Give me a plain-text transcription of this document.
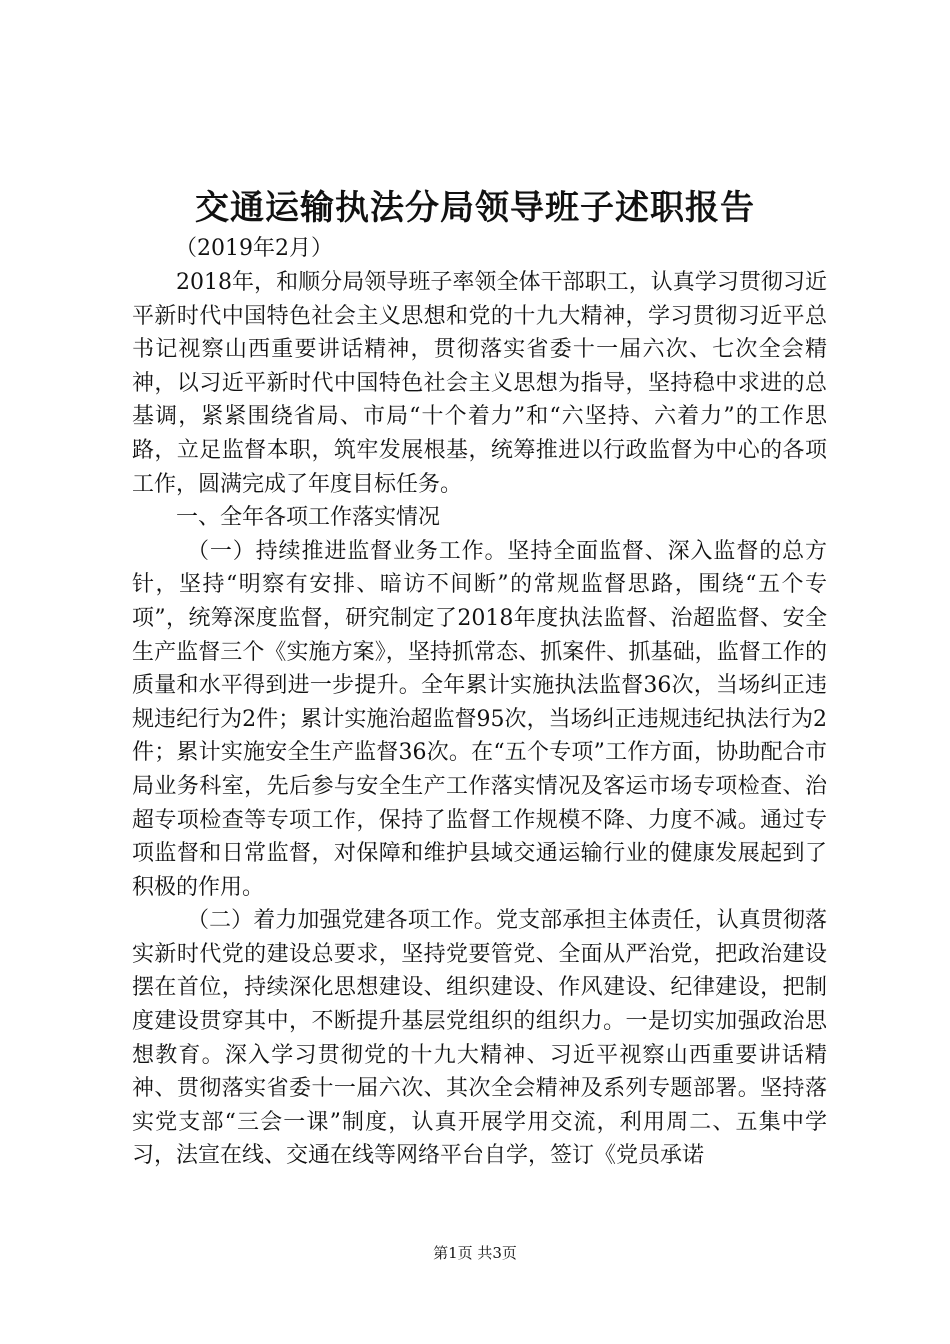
交通运输执法分局领导班子述职报告

（2019年2月）

2018年，和顺分局领导班子率领全体干部职工，认真学习贯彻习近平新时代中国特色社会主义思想和党的十九大精神，学习贯彻习近平总书记视察山西重要讲话精神，贯彻落实省委十一届六次、七次全会精神，以习近平新时代中国特色社会主义思想为指导，坚持稳中求进的总基调，紧紧围绕省局、市局“十个着力”和“六坚持、六着力”的工作思路，立足监督本职，筑牢发展根基，统筹推进以行政监督为中心的各项工作，圆满完成了年度目标任务。

一、全年各项工作落实情况

（一）持续推进监督业务工作。坚持全面监督、深入监督的总方针，坚持“明察有安排、暗访不间断”的常规监督思路，围绕“五个专项”，统筹深度监督，研究制定了2018年度执法监督、治超监督、安全生产监督三个《实施方案》，坚持抓常态、抓案件、抓基础，监督工作的质量和水平得到进一步提升。全年累计实施执法监督36次，当场纠正违规违纪行为2件；累计实施治超监督95次，当场纠正违规违纪执法行为2件；累计实施安全生产监督36次。在“五个专项”工作方面，协助配合市局业务科室，先后参与安全生产工作落实情况及客运市场专项检查、治超专项检查等专项工作，保持了监督工作规模不降、力度不减。通过专项监督和日常监督，对保障和维护县域交通运输行业的健康发展起到了积极的作用。

（二）着力加强党建各项工作。党支部承担主体责任，认真贯彻落实新时代党的建设总要求，坚持党要管党、全面从严治党，把政治建设摆在首位，持续深化思想建设、组织建设、作风建设、纪律建设，把制度建设贯穿其中，不断提升基层党组织的组织力。一是切实加强政治思想教育。深入学习贯彻党的十九大精神、习近平视察山西重要讲话精神、贯彻落实省委十一届六次、其次全会精神及系列专题部署。坚持落实党支部“三会一课”制度，认真开展学用交流，利用周二、五集中学习，法宣在线、交通在线等网络平台自学，签订《党员承诺

第1页 共3页
